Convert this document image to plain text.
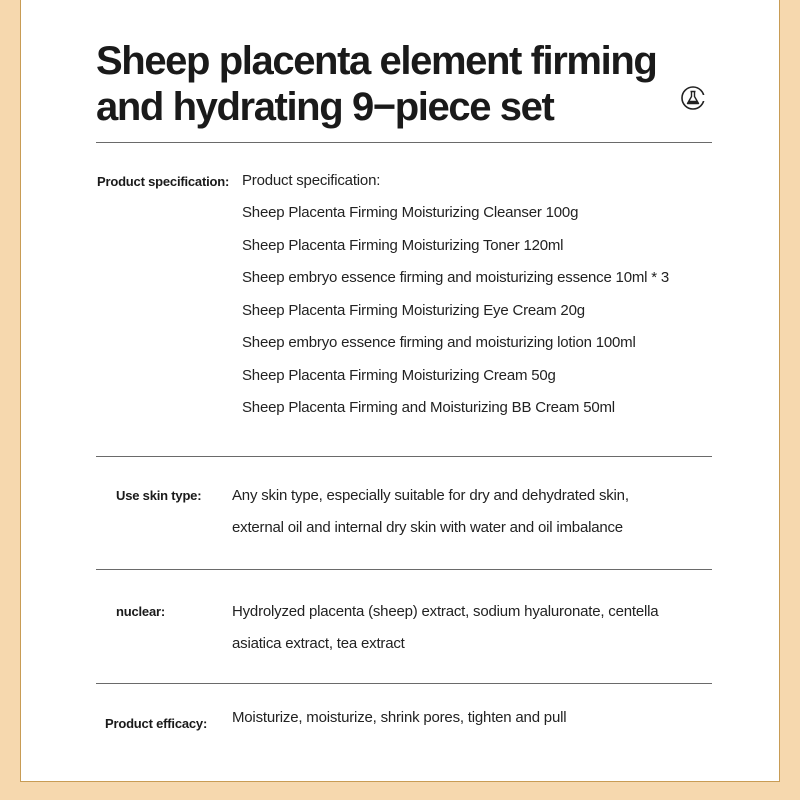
Sheep placenta element firming
and hydrating 9−piece set
Product specification: Product specification:
Sheep Placenta Firming Moisturizing Cleanser 100g
Sheep Placenta Firming Moisturizing Toner 120ml
Sheep embryo essence firming and moisturizing essence 10ml * 3
Sheep Placenta Firming Moisturizing Eye Cream 20g
Sheep embryo essence firming and moisturizing lotion 100ml
Sheep Placenta Firming Moisturizing Cream 50g
Sheep Placenta Firming and Moisturizing BB Cream 50ml
Use skin type: Any skin type, especially suitable for dry and dehydrated skin,
external oil and internal dry skin with water and oil imbalance
nuclear:	Hydrolyzed placenta (sheep) extract, sodium hyaluronate, centella
asiatica extract, tea extract
Product efficacy: Moisturize, moisturize, shrink pores, tighten and pull
